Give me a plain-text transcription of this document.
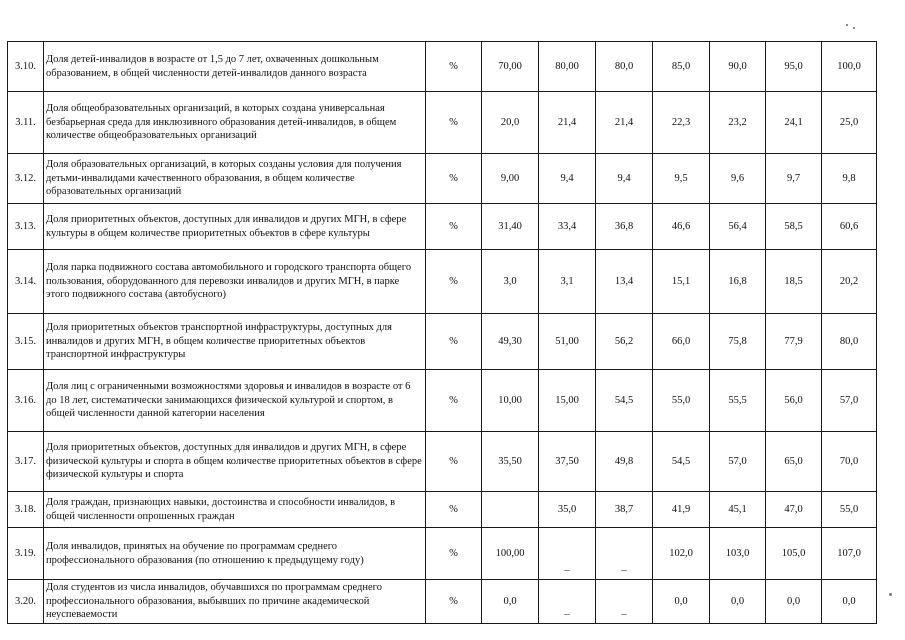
3.10.	Доля детей-инвалидов в возрасте от 1,5 до 7 лет, охваченных дошкольным образованием, в общей численности детей-инвалидов данного возраста	%	70,00	80,00	80,0	85,0	90,0	95,0	100,0
3.11.	Доля общеобразовательных организаций, в которых создана универсальная безбарьерная среда для инклюзивного образования детей-инвалидов, в общем количестве общеобразовательных организаций	%	20,0	21,4	21,4	22,3	23,2	24,1	25,0
3.12.	Доля образовательных организаций, в которых созданы условия для получения детьми-инвалидами качественного образования, в общем количестве образовательных организаций	%	9,00	9,4	9,4	9,5	9,6	9,7	9,8
3.13.	Доля приоритетных объектов, доступных для инвалидов и других МГН, в сфере культуры в общем количестве приоритетных объектов в сфере культуры	%	31,40	33,4	36,8	46,6	56,4	58,5	60,6
3.14.	Доля парка подвижного состава автомобильного и городского транспорта общего пользования, оборудованного для перевозки инвалидов и других МГН, в парке этого подвижного состава (автобусного)	%	3,0	3,1	13,4	15,1	16,8	18,5	20,2
3.15.	Доля приоритетных объектов транспортной инфраструктуры, доступных для инвалидов и других МГН, в общем количестве приоритетных объектов транспортной инфраструктуры	%	49,30	51,00	56,2	66,0	75,8	77,9	80,0
3.16.	Доля лиц с ограниченными возможностями здоровья и инвалидов в возрасте от 6 до 18 лет, систематически занимающихся физической культурой и спортом, в общей численности данной категории населения	%	10,00	15,00	54,5	55,0	55,5	56,0	57,0
3.17.	Доля приоритетных объектов, доступных для инвалидов и других МГН, в сфере физической культуры и спорта в общем количестве приоритетных объектов в сфере физической культуры и спорта	%	35,50	37,50	49,8	54,5	57,0	65,0	70,0
3.18.	Доля граждан, признающих навыки, достоинства и способности инвалидов, в общей численности опрошенных граждан	%		35,0	38,7	41,9	45,1	47,0	55,0
3.19.	Доля инвалидов, принятых на обучение по программам среднего профессионального образования (по отношению к предыдущему году)	%	100,00	_	_	102,0	103,0	105,0	107,0
3.20.	Доля студентов из числа инвалидов, обучавшихся по программам среднего профессионального образования, выбывших по причине академической неуспеваемости	%	0,0	_	_	0,0	0,0	0,0	0,0
